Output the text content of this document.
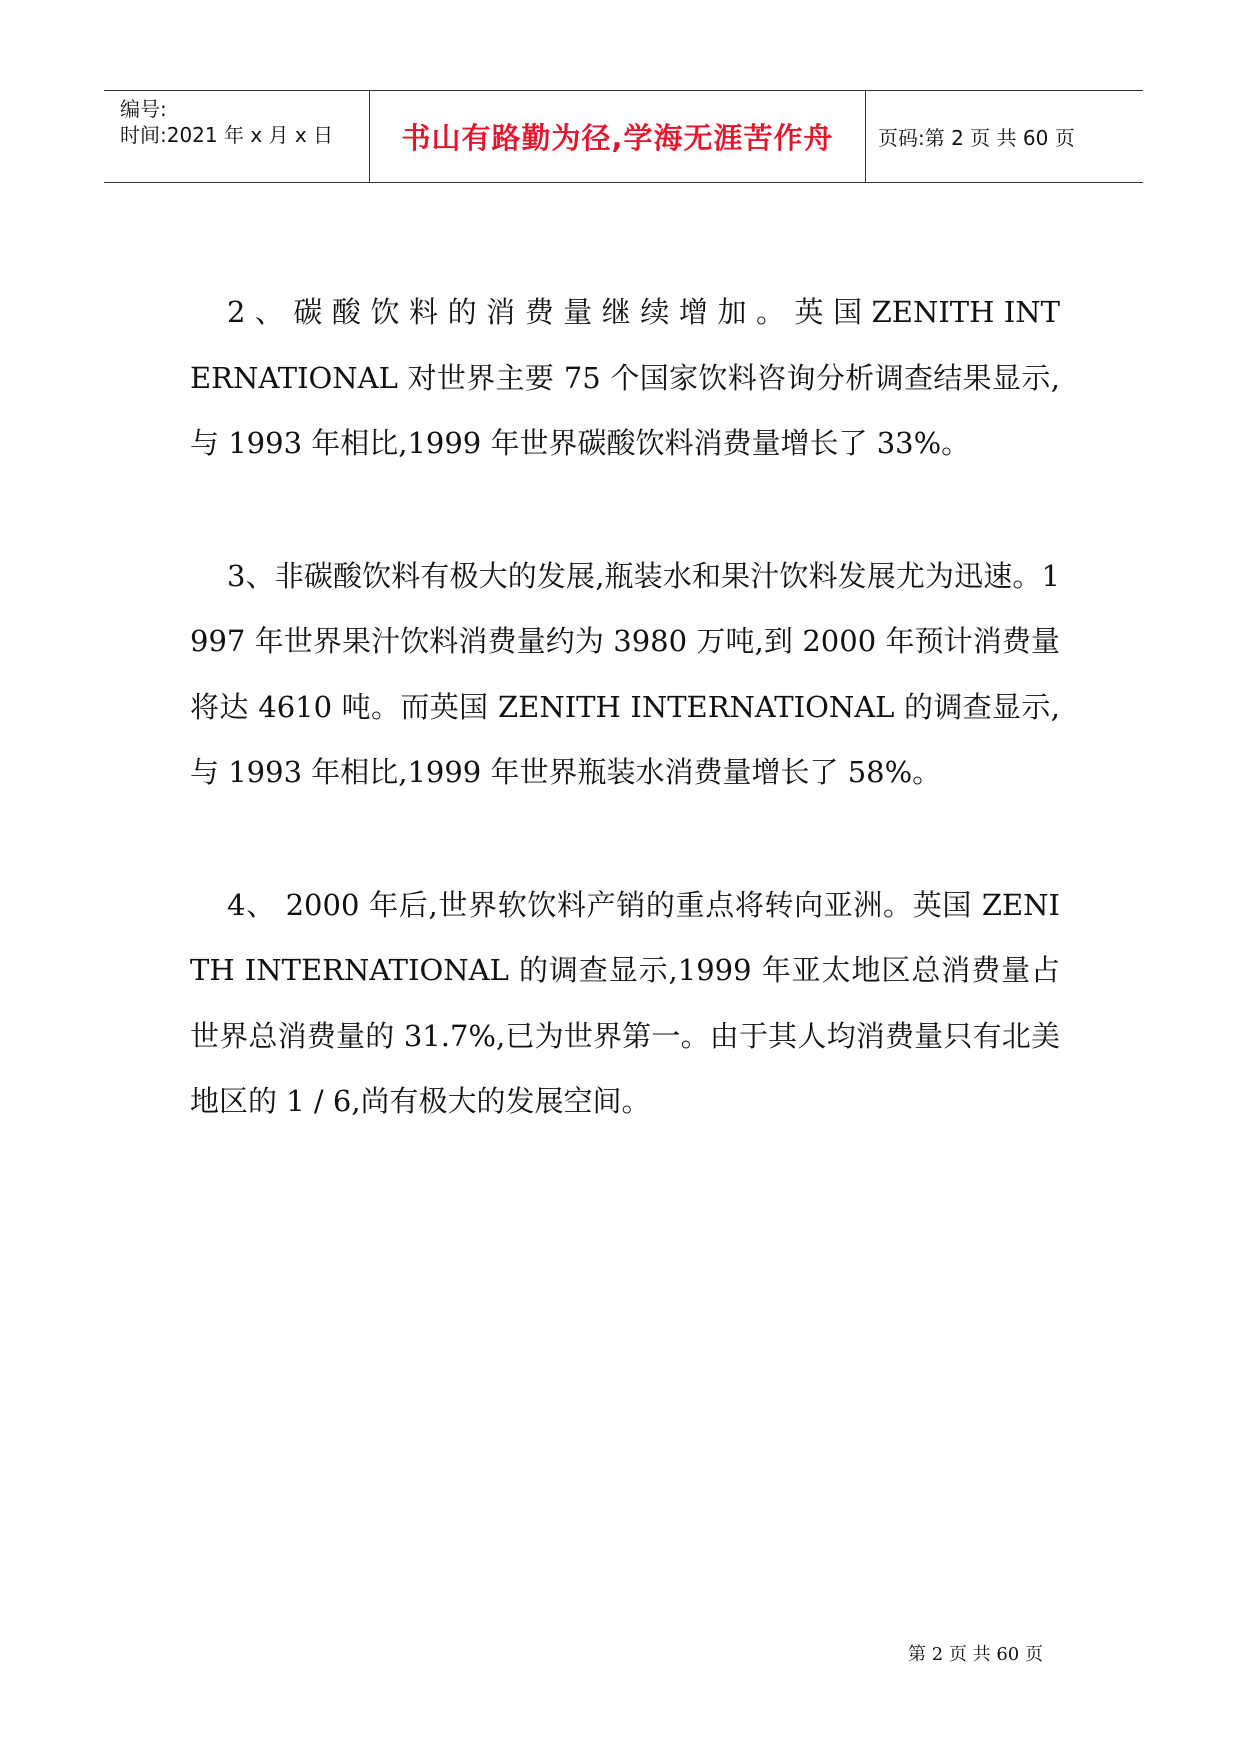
编号:
时间:2021 年 x 月 x 日	书山有路勤为径,学海无涯苦作舟	页码:第 2 页 共 60 页

2 、 碳 酸 饮 料 的 消 费 量 继 续 增 加 。 英 国 ZENITH INTERNATIONAL 对世界主要 75 个国家饮料咨询分析调查结果显示,与 1993 年相比,1999 年世界碳酸饮料消费量增长了 33%。

3、非碳酸饮料有极大的发展,瓶装水和果汁饮料发展尤为迅速。1997 年世界果汁饮料消费量约为 3980 万吨,到 2000 年预计消费量将达 4610 吨。而英国 ZENITH INTERNATIONAL 的调查显示,与 1993 年相比,1999 年世界瓶装水消费量增长了 58%。

4、 2000 年后,世界软饮料产销的重点将转向亚洲。英国 ZENITH INTERNATIONAL 的调查显示,1999 年亚太地区总消费量占世界总消费量的 31.7%,已为世界第一。由于其人均消费量只有北美地区的 1 / 6,尚有极大的发展空间。

第 2 页 共 60 页
